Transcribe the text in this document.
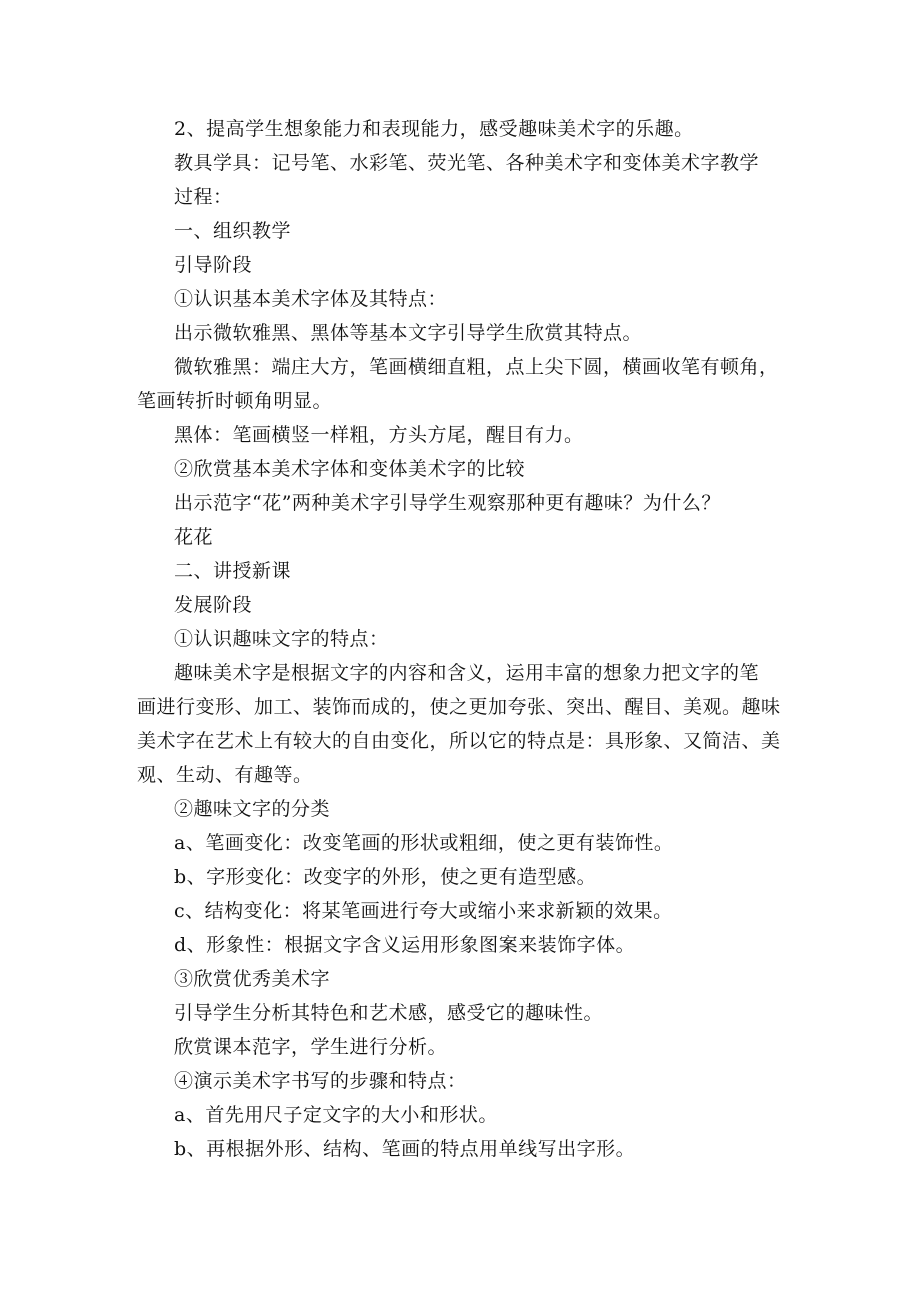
2、提高学生想象能力和表现能力，感受趣味美术字的乐趣。
教具学具：记号笔、水彩笔、荧光笔、各种美术字和变体美术字教学
过程：
一、组织教学
引导阶段
①认识基本美术字体及其特点：
出示微软雅黑、黑体等基本文字引导学生欣赏其特点。
微软雅黑：端庄大方，笔画横细直粗，点上尖下圆，横画收笔有顿角，
笔画转折时顿角明显。
黑体：笔画横竖一样粗，方头方尾，醒目有力。
②欣赏基本美术字体和变体美术字的比较
出示范字“花”两种美术字引导学生观察那种更有趣味？为什么？
花花
二、讲授新课
发展阶段
①认识趣味文字的特点：
趣味美术字是根据文字的内容和含义，运用丰富的想象力把文字的笔
画进行变形、加工、装饰而成的，使之更加夸张、突出、醒目、美观。趣味
美术字在艺术上有较大的自由变化，所以它的特点是：具形象、又简洁、美
观、生动、有趣等。
②趣味文字的分类
a、笔画变化：改变笔画的形状或粗细，使之更有装饰性。
b、字形变化：改变字的外形，使之更有造型感。
c、结构变化：将某笔画进行夸大或缩小来求新颖的效果。
d、形象性：根据文字含义运用形象图案来装饰字体。
③欣赏优秀美术字
引导学生分析其特色和艺术感，感受它的趣味性。
欣赏课本范字，学生进行分析。
④演示美术字书写的步骤和特点：
a、首先用尺子定文字的大小和形状。
b、再根据外形、结构、笔画的特点用单线写出字形。
